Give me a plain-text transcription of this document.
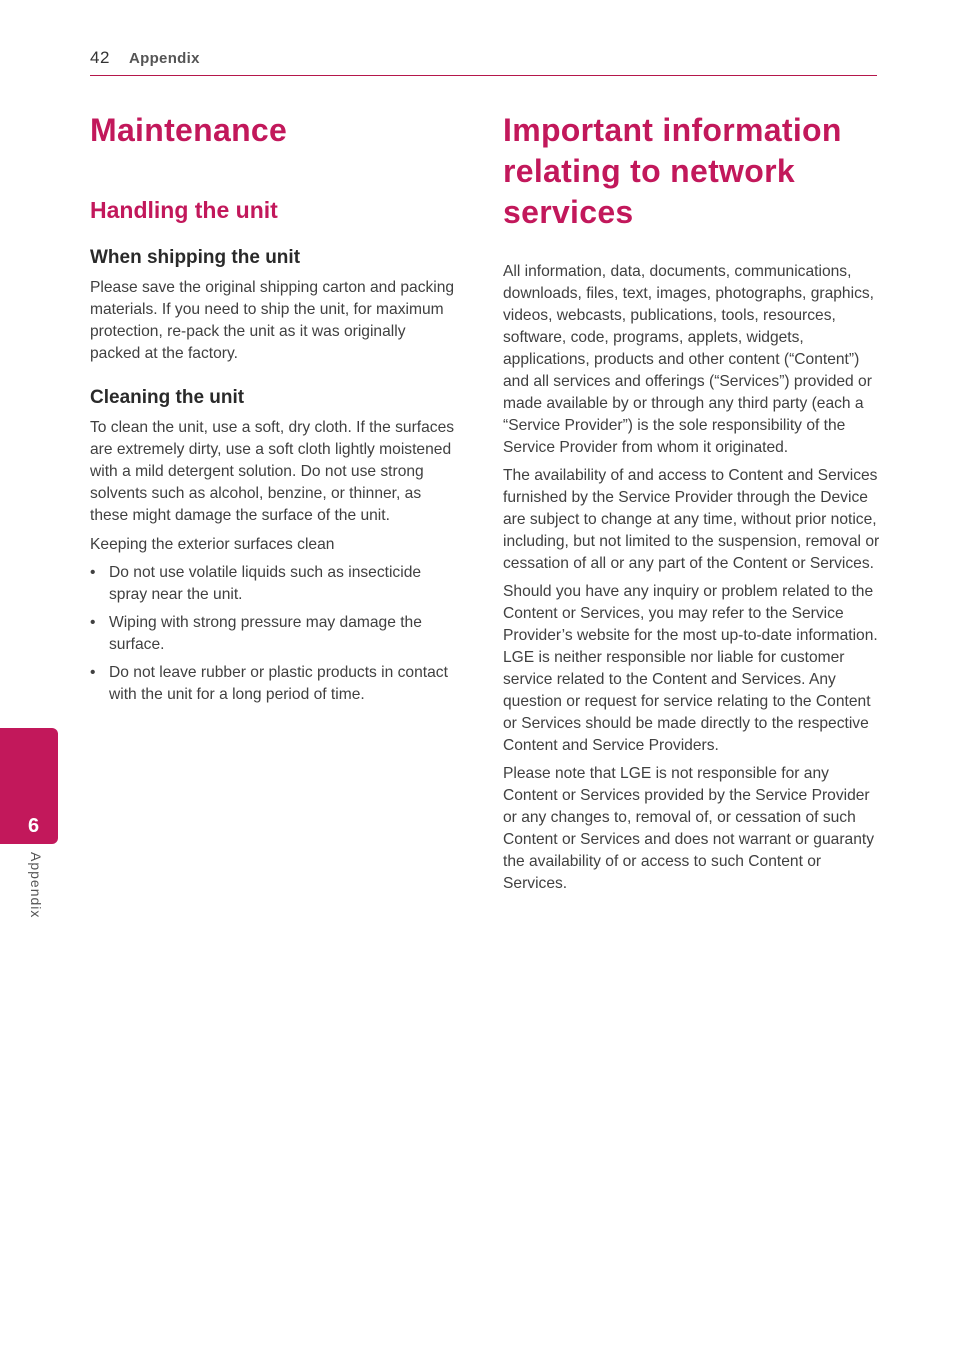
42 Appendix
Maintenance
Handling the unit
When shipping the unit

Please save the original shipping carton and packing materials. If you need to ship the unit, for maximum protection, re-pack the unit as it was originally packed at the factory.

Cleaning the unit

To clean the unit, use a soft, dry cloth. If the surfaces are extremely dirty, use a soft cloth lightly moistened with a mild detergent solution. Do not use strong solvents such as alcohol, benzine, or thinner, as these might damage the surface of the unit.

Keeping the exterior surfaces clean

• Do not use volatile liquids such as insecticide spray near the unit.
• Wiping with strong pressure may damage the surface.
• Do not leave rubber or plastic products in contact with the unit for a long period of time.
Important information relating to network services

All information, data, documents, communications, downloads, files, text, images, photographs, graphics, videos, webcasts, publications, tools, resources, software, code, programs, applets, widgets, applications, products and other content (“Content”) and all services and offerings (“Services”) provided or made available by or through any third party (each a “Service Provider”) is the sole responsibility of the Service Provider from whom it originated.

The availability of and access to Content and Services furnished by the Service Provider through the Device are subject to change at any time, without prior notice, including, but not limited to the suspension, removal or cessation of all or any part of the Content or Services.

Should you have any inquiry or problem related to the Content or Services, you may refer to the Service Provider’s website for the most up-to-date information. LGE is neither responsible nor liable for customer service related to the Content and Services. Any question or request for service relating to the Content or Services should be made directly to the respective Content and Service Providers.

Please note that LGE is not responsible for any Content or Services provided by the Service Provider or any changes to, removal of, or cessation of such Content or Services and does not warrant or guaranty the availability of or access to such Content or Services.

6
Appendix
